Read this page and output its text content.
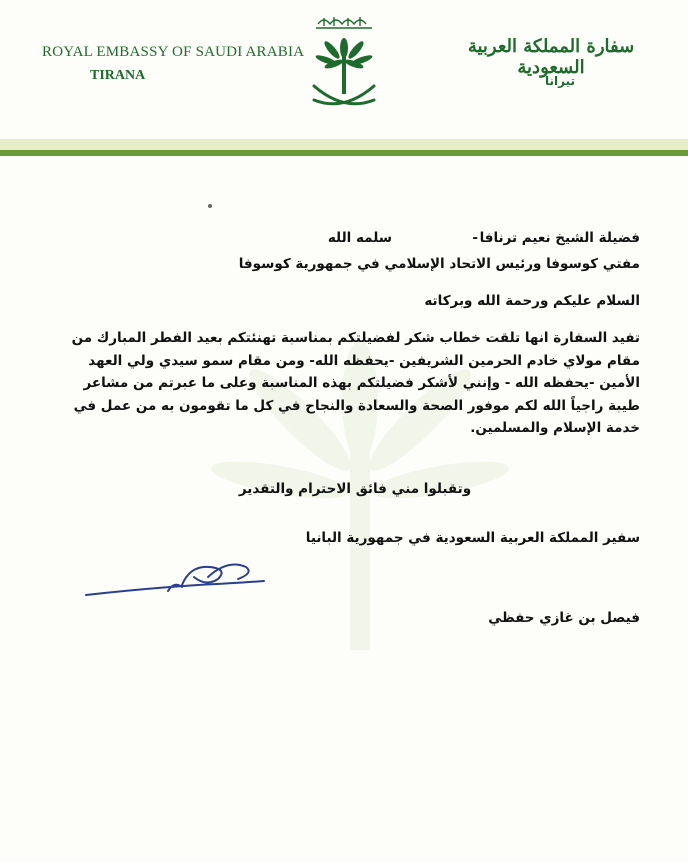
ROYAL EMBASSY OF SAUDI ARABIA
TIRANA
سفارة المملكة العربية السعودية
تيرانا
فضيلة الشيخ نعيم ترنافا
-
سلمه الله
مفتي كوسوفا ورئيس الاتحاد الإسلامي في جمهورية كوسوفا
السلام عليكم ورحمة الله وبركاته
تفيد السفارة انها تلقت خطاب شكر لفضيلتكم بمناسبة تهنئتكم بعيد الفطر المبارك من
مقام مولاي خادم الحرمين الشريفين -يحفظه الله- ومن مقام سمو سيدي ولي العهد
الأمين -يحفظه الله - وإنني لأشكر فضيلتكم بهذه المناسبة وعلى ما عبرتم من مشاعر
طيبة راجياً الله لكم موفور الصحة والسعادة والنجاح في كل ما تقومون به من عمل في
خدمة الإسلام والمسلمين.
وتقبلوا مني فائق الاحترام والتقدير
سفير المملكة العربية السعودية في جمهورية البانيا
فيصل بن غازي حفظي
